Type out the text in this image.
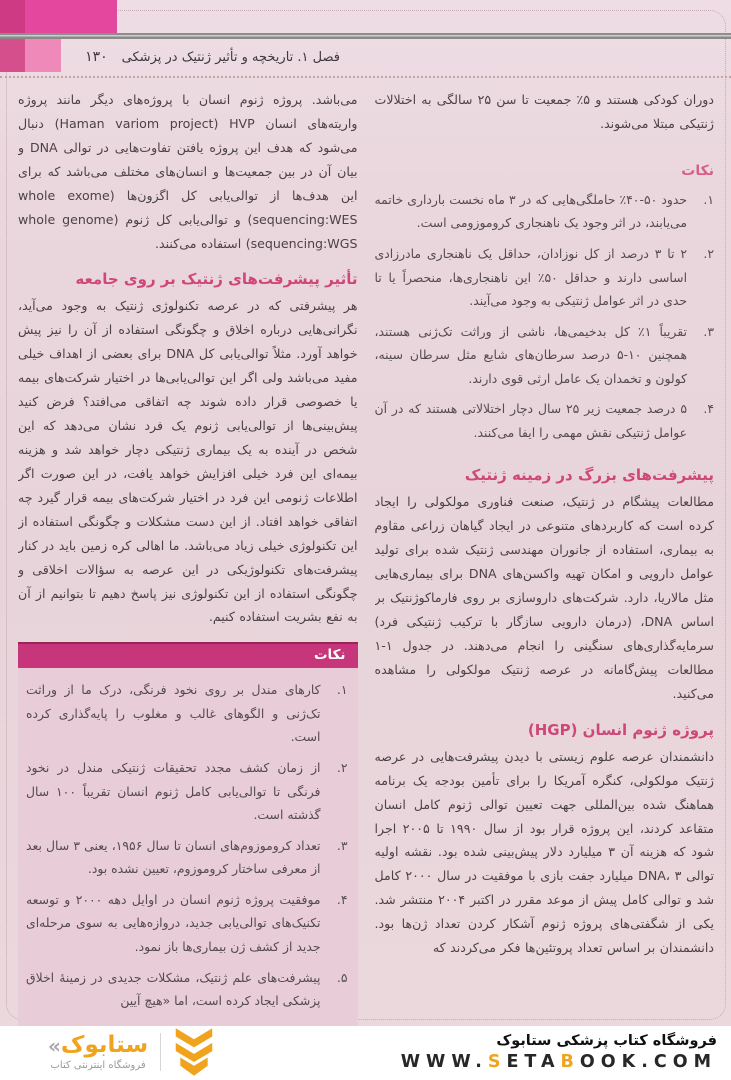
فصل ۱. تاریخچه و تأثیر ژنتیک در پزشکی
۱۳۰

دوران کودکی هستند و ۵٪ جمعیت تا سن ۲۵ سالگی به اختلالات ژنتیکی مبتلا می‌شوند.

نکات
۱.
حدود ۵۰-۴۰٪ حاملگی‌هایی که در ۳ ماه نخست بارداری خاتمه می‌یابند، در اثر وجود یک ناهنجاری کروموزومی است.
۲.
۲ تا ۳ درصد از کل نوزادان، حداقل یک ناهنجاری مادرزادی اساسی دارند و حداقل ۵۰٪ این ناهنجاری‌ها، منحصراً یا تا حدی در اثر عوامل ژنتیکی به وجود می‌آیند.
۳.
تقریباً ۱٪ کل بدخیمی‌ها، ناشی از وراثت تک‌ژنی هستند، همچنین ۱۰-۵ درصد سرطان‌های شایع مثل سرطان سینه، کولون و تخمدان یک عامل ارثی قوی دارند.
۴.
۵ درصد جمعیت زیر ۲۵ سال دچار اختلالاتی هستند که در آن عوامل ژنتیکی نقش مهمی را ایفا می‌کنند.
پیشرفت‌های بزرگ در زمینه ژنتیک

مطالعات پیشگام در ژنتیک، صنعت فناوری مولکولی را ایجاد کرده است که کاربردهای متنوعی در ایجاد گیاهان زراعی مقاوم به بیماری، استفاده از جانوران مهندسی ژنتیک شده برای تولید عوامل دارویی و امکان تهیه واکسن‌های DNA برای بیماری‌هایی مثل مالاریا، دارد. شرکت‌های داروسازی بر روی فارماکوژنتیک بر اساس DNA، (درمان دارویی سازگار با ترکیب ژنتیکی فرد) سرمایه‌گذاری‌های سنگینی را انجام می‌دهند. در جدول ۱-۱ مطالعات پیش‌گامانه در عرصه ژنتیک مولکولی را مشاهده می‌کنید.

پروژه ژنوم انسان (HGP)

دانشمندان عرصه علوم زیستی با دیدن پیشرفت‌هایی در عرصه ژنتیک مولکولی، کنگره آمریکا را برای تأمین بودجه یک برنامه هماهنگ شده بین‌المللی جهت تعیین توالی ژنوم کامل انسان متقاعد کردند، این پروژه قرار بود از سال ۱۹۹۰ تا ۲۰۰۵ اجرا شود که هزینه آن ۳ میلیارد دلار پیش‌بینی شده بود. نقشه اولیه توالی DNA، ۳ میلیارد جفت بازی با موفقیت در سال ۲۰۰۰ کامل شد و توالی کامل پیش از موعد مقرر در اکتبر ۲۰۰۴ منتشر شد. یکی از شگفتی‌های پروژه ژنوم آشکار کردن تعداد ژن‌ها بود. دانشمندان بر اساس تعداد پروتئین‌ها فکر می‌کردند که

می‌باشد. پروژه ژنوم انسان با پروژه‌های دیگر مانند پروژه واریته‌های انسان HVP‏ (Haman variom project) دنبال می‌شود که هدف این پروژه یافتن تفاوت‌هایی در توالی DNA و بیان آن در بین جمعیت‌ها و انسان‌های مختلف می‌باشد که برای این هدف‌ها از توالی‌یابی کل اگزون‌ها (whole exome sequencing:WES) و توالی‌یابی کل ژنوم (whole genome sequencing:WGS) استفاده می‌کنند.

تأثیر پیشرفت‌های ژنتیک بر روی جامعه

هر پیشرفتی که در عرصه تکنولوژی ژنتیک به وجود می‌آید، نگرانی‌هایی درباره اخلاق و چگونگی استفاده از آن را نیز پیش خواهد آورد. مثلاً توالی‌یابی کل DNA برای بعضی از اهداف خیلی مفید می‌باشد ولی اگر این توالی‌یابی‌ها در اختیار شرکت‌های بیمه یا خصوصی قرار داده شوند چه اتفاقی می‌افتد؟ فرض کنید پیش‌بینی‌ها از توالی‌یابی ژنوم یک فرد نشان می‌دهد که این شخص در آینده به یک بیماری ژنتیکی دچار خواهد شد و هزینه بیمه‌ای این فرد خیلی افزایش خواهد یافت، در این صورت اگر اطلاعات ژنومی این فرد در اختیار شرکت‌های بیمه قرار گیرد چه اتفاقی خواهد افتاد. از این دست مشکلات و چگونگی استفاده از این تکنولوژی خیلی زیاد می‌باشد. ما اهالی کره زمین باید در کنار پیشرفت‌های تکنولوژیکی در این عرصه به سؤالات اخلاقی و چگونگی استفاده از این تکنولوژی نیز پاسخ دهیم تا بتوانیم از آن به نفع بشریت استفاده کنیم.

نکات
۱.
کارهای مندل بر روی نخود فرنگی، درک ما از وراثت تک‌ژنی و الگوهای غالب و مغلوب را پایه‌گذاری کرده است.
۲.
از زمان کشف مجدد تحقیقات ژنتیکی مندل در نخود فرنگی تا توالی‌یابی کامل ژنوم انسان تقریباً ۱۰۰ سال گذشته است.
۳.
تعداد کروموزوم‌های انسان تا سال ۱۹۵۶، یعنی ۳ سال بعد از معرفی ساختار کروموزوم، تعیین نشده بود.
۴.
موفقیت پروژه ژنوم انسان در اوایل دهه ۲۰۰۰ و توسعه تکنیک‌های توالی‌یابی جدید، دروازه‌هایی به سوی مرحله‌ای جدید از کشف ژن بیماری‌ها باز نمود.
۵.
پیشرفت‌های علم ژنتیک، مشکلات جدیدی در زمینهٔ اخلاق پزشکی ایجاد کرده است، اما «هیچ آیین
« ستابوک
فروشگاه اینترنتی کتاب
فروشگاه کتاب پزشکی ستابوک
WWW.SETABOOK.COM
